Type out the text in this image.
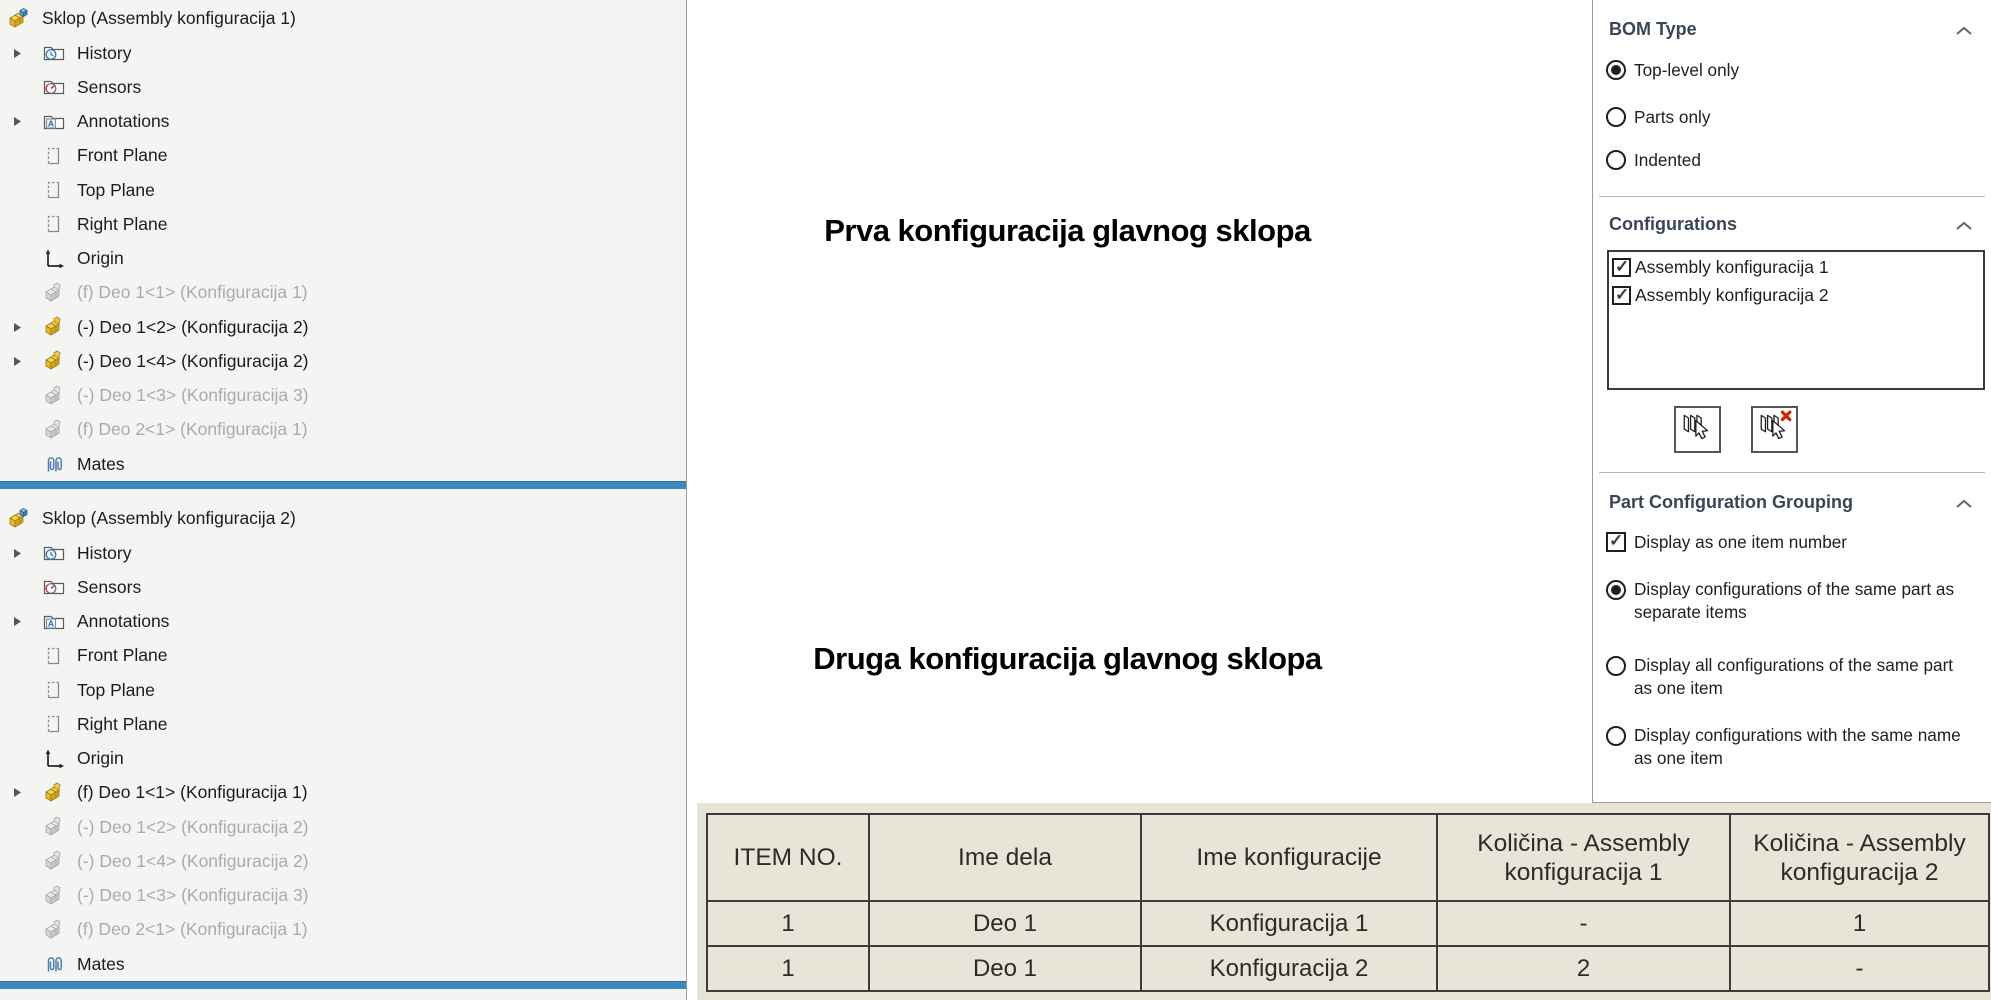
Sklop (Assembly konfiguracija 1)
History
Sensors
A Annotations
Front Plane
Top Plane
Right Plane
Origin
(f) Deo 1<1> (Konfiguracija 1)
(-) Deo 1<2> (Konfiguracija 2)
(-) Deo 1<4> (Konfiguracija 2)
(-) Deo 1<3> (Konfiguracija 3)
(f) Deo 2<1> (Konfiguracija 1)
Mates
Sklop (Assembly konfiguracija 2)
History
Sensors
A Annotations
Front Plane
Top Plane
Right Plane
Origin
(f) Deo 1<1> (Konfiguracija 1)
(-) Deo 1<2> (Konfiguracija 2)
(-) Deo 1<4> (Konfiguracija 2)
(-) Deo 1<3> (Konfiguracija 3)
(f) Deo 2<1> (Konfiguracija 1)
Mates
Prva konfiguracija glavnog sklopa
Druga konfiguracija glavnog sklopa
BOM Type
Top-level only
Parts only
Indented
Configurations
✓
Assembly konfiguracija 1
✓
Assembly konfiguracija 2
Part Configuration Grouping
✓
Display as one item number
Display configurations of the same part as separate items
Display all configurations of the same part as one item
Display configurations with the same name as one item
ITEM NO.	Ime dela	Ime konfiguracije	Količina - Assembly konfiguracija 1	Količina - Assembly konfiguracija 2
1	Deo 1	Konfiguracija 1	-	1
1	Deo 1	Konfiguracija 2	2	-
